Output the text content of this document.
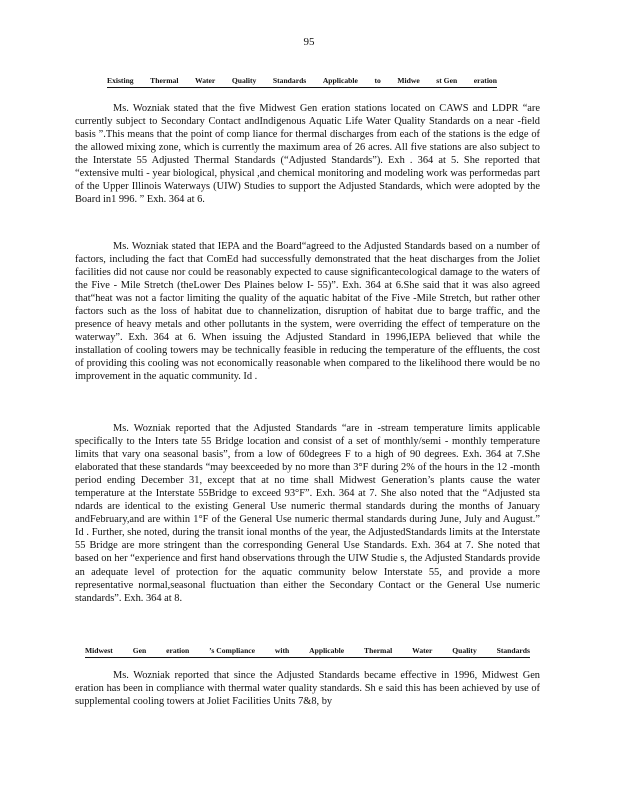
95
Existing Thermal Water Quality Standards Applicable to Midwe st Gen eration

Ms. Wozniak stated that the five Midwest Gen eration stations located on CAWS and LDPR “are currently subject to Secondary Contact andIndigenous Aquatic Life Water Quality Standards on a near -field basis ”.This means that the point of comp liance for thermal discharges from each of the stations is the edge of the allowed mixing zone, which is currently the maximum area of 26 acres. All five stations are also subject to the Interstate 55 Adjusted Thermal Standards (“Adjusted Standards”). Exh . 364 at 5. She reported that “extensive multi - year biological, physical ,and chemical monitoring and modeling work was performedas part of the Upper Illinois Waterways (UIW) Studies to support the Adjusted Standards, which were adopted by the Board in1 996. ” Exh. 364 at 6.

Ms. Wozniak stated that IEPA and the Board“agreed to the Adjusted Standards based on a number of factors, including the fact that ComEd had successfully demonstrated that the heat discharges from the Joliet facilities did not cause nor could be reasonably expected to cause significantecological damage to the waters of the Five - Mile Stretch (theLower Des Plaines below I- 55)”. Exh. 364 at 6.She said that it was also agreed that“heat was not a factor limiting the quality of the aquatic habitat of the Five -Mile Stretch, but rather other factors such as the loss of habitat due to channelization, disruption of habitat due to barge traffic, and the presence of heavy metals and other pollutants in the system, were overriding the effect of temperature on the waterway”. Exh. 364 at 6. When issuing the Adjusted Standard in 1996,IEPA believed that while the installation of cooling towers may be technically feasible in reducing the temperature of the effluents, the cost of providing this cooling was not economically reasonable when compared to the likelihood there would be no improvement in the aquatic community. Id .

Ms. Wozniak reported that the Adjusted Standards “are in -stream temperature limits applicable specifically to the Inters tate 55 Bridge location and consist of a set of monthly/semi - monthly temperature limits that vary ona seasonal basis”, from a low of 60degrees F to a high of 90 degrees. Exh. 364 at 7.She elaborated that these standards “may beexceeded by no more than 3°F during 2% of the hours in the 12 -month period ending December 31, except that at no time shall Midwest Generation’s plants cause the water temperature at the Interstate 55Bridge to exceed 93°F”. Exh. 364 at 7. She also noted that the “Adjusted sta ndards are identical to the existing General Use numeric thermal standards during the months of January andFebruary,and are within 1°F of the General Use numeric thermal standards during June, July and August.” Id . Further, she noted, during the transit ional months of the year, the AdjustedStandards limits at the Interstate 55 Bridge are more stringent than the corresponding General Use Standards. Exh. 364 at 7. She noted that based on her “experience and first hand observations through the UIW Studie s, the Adjusted Standards provide an adequate level of protection for the aquatic community below Interstate 55, and provide a more representative normal,seasonal fluctuation than either the Secondary Contact or the General Use numeric standards”. Exh. 364 at 8.

Midwest	Gen	eration	’s Compliance	with	Applicable	Thermal	Water	Quality	Standards

Ms. Wozniak reported that since the Adjusted Standards became effective in 1996, Midwest Gen eration has been in compliance with thermal water quality standards. Sh e said this has been achieved by use of supplemental cooling towers at Joliet Facilities Units 7&8, by
